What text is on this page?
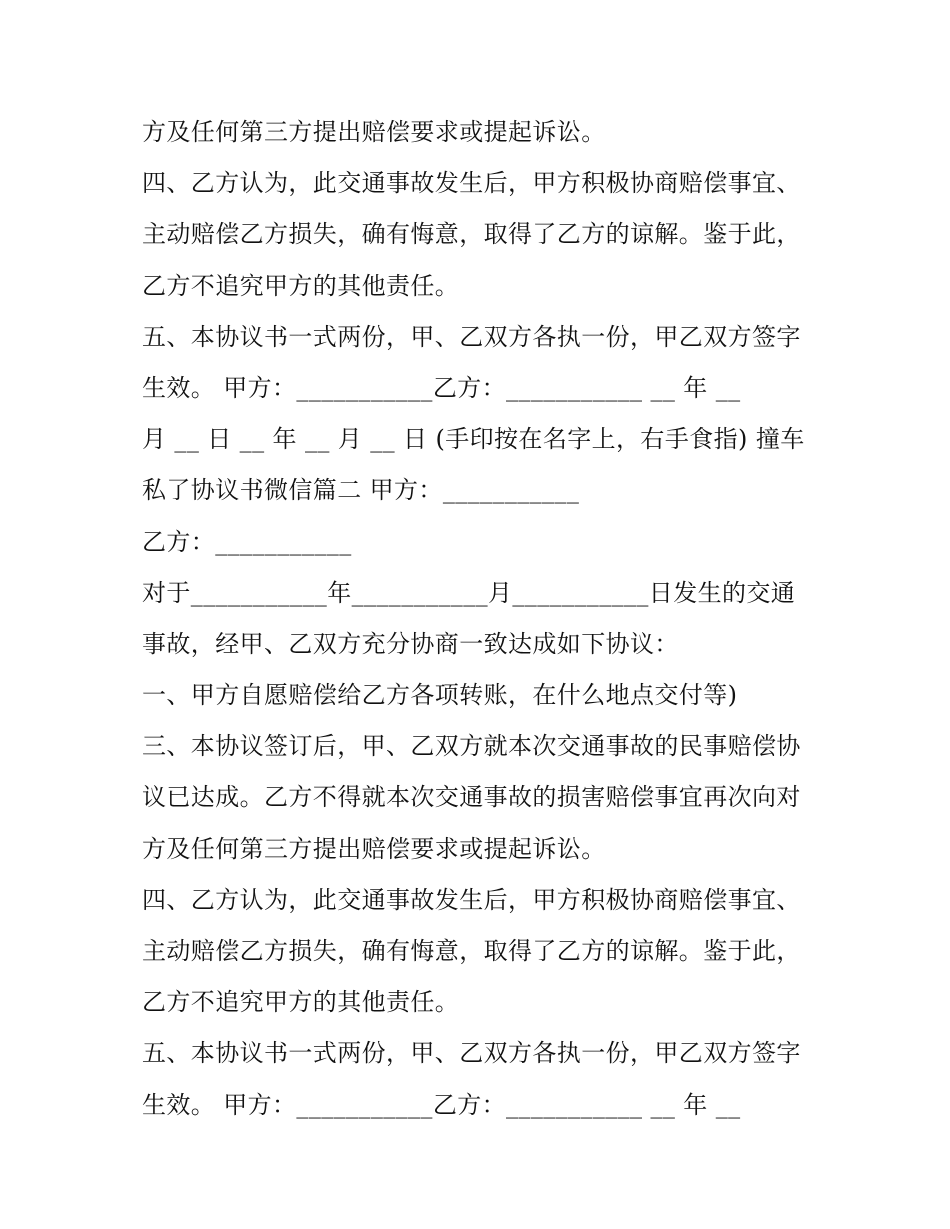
方及任何第三方提出赔偿要求或提起诉讼。
四、乙方认为，此交通事故发生后，甲方积极协商赔偿事宜、
主动赔偿乙方损失，确有悔意，取得了乙方的谅解。鉴于此，
乙方不追究甲方的其他责任。
五、本协议书一式两份，甲、乙双方各执一份，甲乙双方签字
生效。 甲方：___________乙方：___________ __ 年 __
月 __ 日 __ 年 __ 月 __ 日 (手印按在名字上，右手食指) 撞车
私了协议书微信篇二 甲方：___________
乙方：___________
对于___________年___________月___________日发生的交通
事故，经甲、乙双方充分协商一致达成如下协议：
一、甲方自愿赔偿给乙方各项转账，在什么地点交付等)
三、本协议签订后，甲、乙双方就本次交通事故的民事赔偿协
议已达成。乙方不得就本次交通事故的损害赔偿事宜再次向对
方及任何第三方提出赔偿要求或提起诉讼。
四、乙方认为，此交通事故发生后，甲方积极协商赔偿事宜、
主动赔偿乙方损失，确有悔意，取得了乙方的谅解。鉴于此，
乙方不追究甲方的其他责任。
五、本协议书一式两份，甲、乙双方各执一份，甲乙双方签字
生效。 甲方：___________乙方：___________ __ 年 __
